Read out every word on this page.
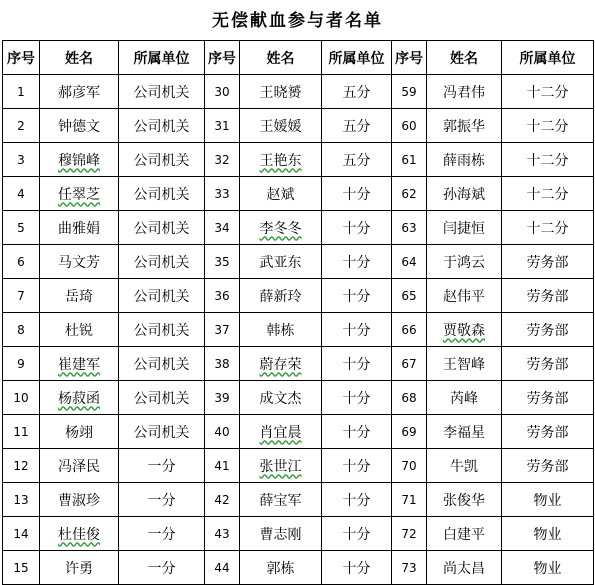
无偿献血参与者名单
序号	姓名	所属单位	序号	姓名	所属单位	序号	姓名	所属单位
1	郝彦军	公司机关	30	王晓赟	五分	59	冯君伟	十二分
2	钟德文	公司机关	31	王媛媛	五分	60	郭振华	十二分
3	穆锦峰	公司机关	32	王艳东	五分	61	薛雨栋	十二分
4	任翠芝	公司机关	33	赵斌	十分	62	孙海斌	十二分
5	曲雅娟	公司机关	34	李冬冬	十分	63	闫捷恒	十二分
6	马文芳	公司机关	35	武亚东	十分	64	于鸿云	劳务部
7	岳琦	公司机关	36	薛新玲	十分	65	赵伟平	劳务部
8	杜锐	公司机关	37	韩栋	十分	66	贾敬森	劳务部
9	崔建军	公司机关	38	蔚存荣	十分	67	王智峰	劳务部
10	杨菽函	公司机关	39	成文杰	十分	68	芮峰	劳务部
11	杨翊	公司机关	40	肖宜晨	十分	69	李福星	劳务部
12	冯泽民	一分	41	张世江	十分	70	牛凯	劳务部
13	曹淑珍	一分	42	薛宝军	十分	71	张俊华	物业
14	杜佳俊	一分	43	曹志刚	十分	72	白建平	物业
15	许勇	一分	44	郭栋	十分	73	尚太昌	物业
